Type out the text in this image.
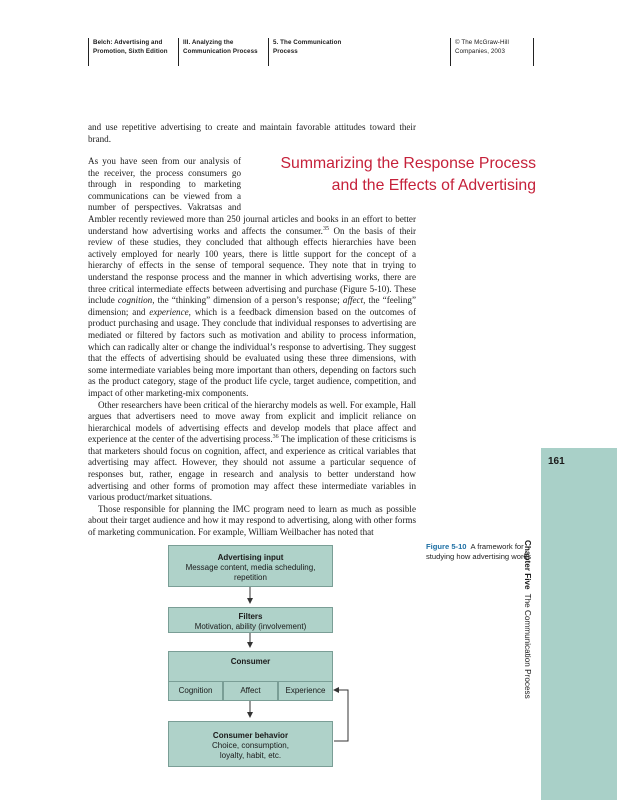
Belch: Advertising and
Promotion, Sixth Edition
III. Analyzing the
Communication Process
5. The Communication
Process
© The McGraw-Hill
Companies, 2003

and use repetitive advertising to create and maintain favorable attitudes toward their brand.

Summarizing the Response Process
and the Effects of Advertising

As you have seen from our analysis of

the receiver, the process consumers go

through in responding to marketing

communications can be viewed from a

number of perspectives. Vakratsas and

Ambler recently reviewed more than 250 journal articles and books in an effort to better understand how advertising works and affects the consumer.$^{35}$ On the basis of their review of these studies, they concluded that although effects hierarchies have been actively employed for nearly 100 years, there is little support for the concept of a hierarchy of effects in the sense of temporal sequence. They note that in trying to understand the response process and the manner in which advertising works, there are three critical intermediate effects between advertising and purchase (Figure 5-10). These include cognition, the “thinking” dimension of a person’s response; affect, the “feeling” dimension; and experience, which is a feedback dimension based on the outcomes of product purchasing and usage. They conclude that individual responses to advertising are mediated or filtered by factors such as motivation and ability to process information, which can radically alter or change the individual’s response to advertising. They suggest that the effects of advertising should be evaluated using these three dimensions, with some intermediate variables being more important than others, depending on factors such as the product category, stage of the product life cycle, target audience, competition, and impact of other marketing-mix components.

Other researchers have been critical of the hierarchy models as well. For example, Hall argues that advertisers need to move away from explicit and implicit reliance on hierarchical models of advertising effects and develop models that place affect and experience at the center of the advertising process.$^{36}$ The implication of these criticisms is that marketers should focus on cognition, affect, and experience as critical variables that advertising may affect. However, they should not assume a particular sequence of responses but, rather, engage in research and analysis to better understand how advertising and other forms of promotion may affect these intermediate variables in various product/market situations.

Those responsible for planning the IMC program need to learn as much as possible about their target audience and how it may respond to advertising, along with other forms of marketing communication. For example, William Weilbacher has noted that

161
Chapter FiveThe Communication Process
Figure 5-10 A framework for studying how advertising works
Advertising input
Message content, media scheduling, repetition
Filters
Motivation, ability (involvement)
Consumer
Cognition	Affect	Experience
Consumer behavior
Choice, consumption, loyalty, habit, etc.
